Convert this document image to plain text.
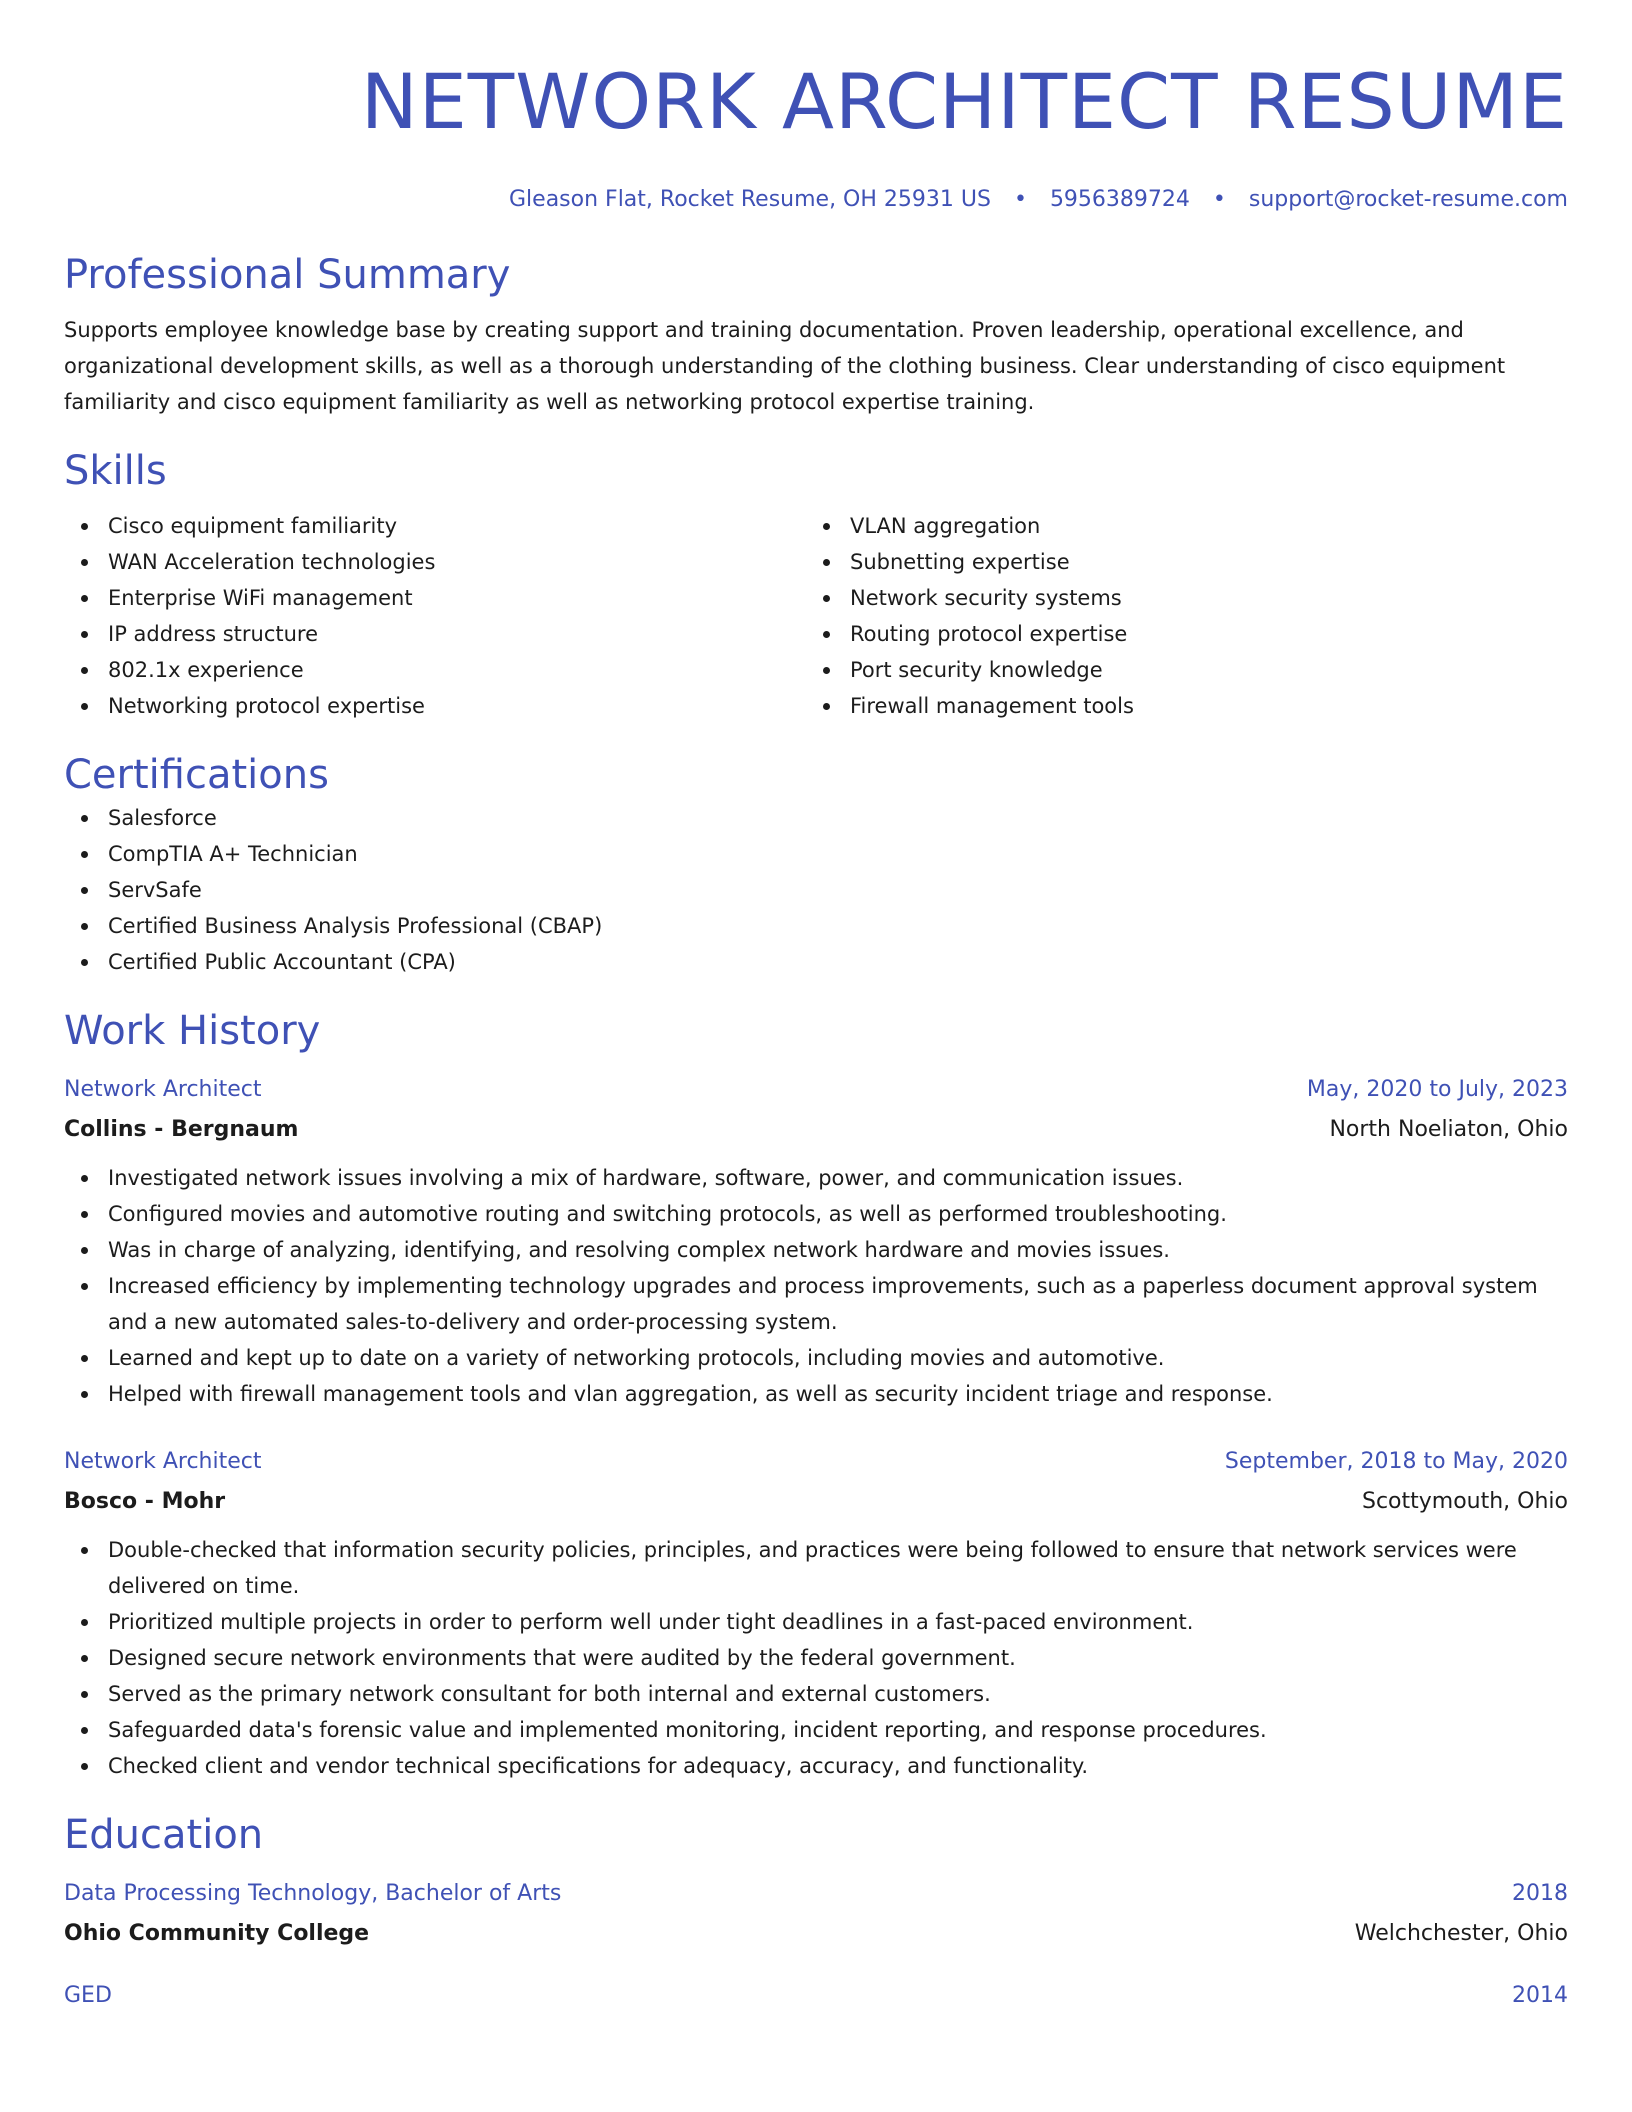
NETWORK ARCHITECT RESUME
Gleason Flat, Rocket Resume, OH 25931 US • 5956389724 • support@rocket-resume.com
Professional Summary

Supports employee knowledge base by creating support and training documentation. Proven leadership, operational excellence, and organizational development skills, as well as a thorough understanding of the clothing business. Clear understanding of cisco equipment familiarity and cisco equipment familiarity as well as networking protocol expertise training.

Skills
Cisco equipment familiarity
WAN Acceleration technologies
Enterprise WiFi management
IP address structure
802.1x experience
Networking protocol expertise
VLAN aggregation
Subnetting expertise
Network security systems
Routing protocol expertise
Port security knowledge
Firewall management tools
Certifications
Salesforce
CompTIA A+ Technician
ServSafe
Certified Business Analysis Professional (CBAP)
Certified Public Accountant (CPA)
Work History
Network Architect	May, 2020 to July, 2023
Collins - Bergnaum	North Noeliaton, Ohio
Investigated network issues involving a mix of hardware, software, power, and communication issues.
Configured movies and automotive routing and switching protocols, as well as performed troubleshooting.
Was in charge of analyzing, identifying, and resolving complex network hardware and movies issues.
Increased efficiency by implementing technology upgrades and process improvements, such as a paperless document approval system and a new automated sales-to-delivery and order-processing system.
Learned and kept up to date on a variety of networking protocols, including movies and automotive.
Helped with firewall management tools and vlan aggregation, as well as security incident triage and response.
Network Architect	September, 2018 to May, 2020
Bosco - Mohr	Scottymouth, Ohio
Double-checked that information security policies, principles, and practices were being followed to ensure that network services were delivered on time.
Prioritized multiple projects in order to perform well under tight deadlines in a fast-paced environment.
Designed secure network environments that were audited by the federal government.
Served as the primary network consultant for both internal and external customers.
Safeguarded data's forensic value and implemented monitoring, incident reporting, and response procedures.
Checked client and vendor technical specifications for adequacy, accuracy, and functionality.
Education
Data Processing Technology, Bachelor of Arts	2018
Ohio Community College	Welchchester, Ohio
GED	2014
